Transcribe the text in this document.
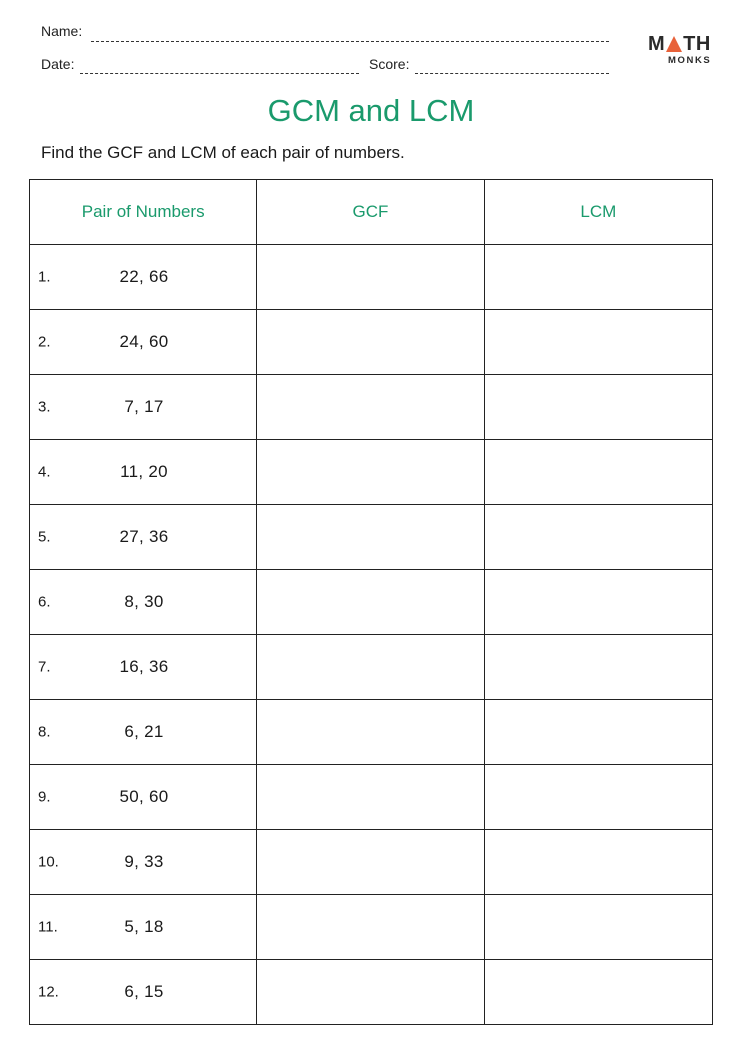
Name:
Date:	Score:
M TH
MONKS
GCM and LCM
Find the GCF and LCM of each pair of numbers.
Pair of Numbers	GCF	LCM

1. 22, 66		

2. 24, 60		

3. 7, 17		

4. 11, 20		

5. 27, 36		

6. 8, 30		

7. 16, 36		

8. 6, 21		

9. 50, 60		

10. 9, 33		

11. 5, 18		

12. 6, 15		
